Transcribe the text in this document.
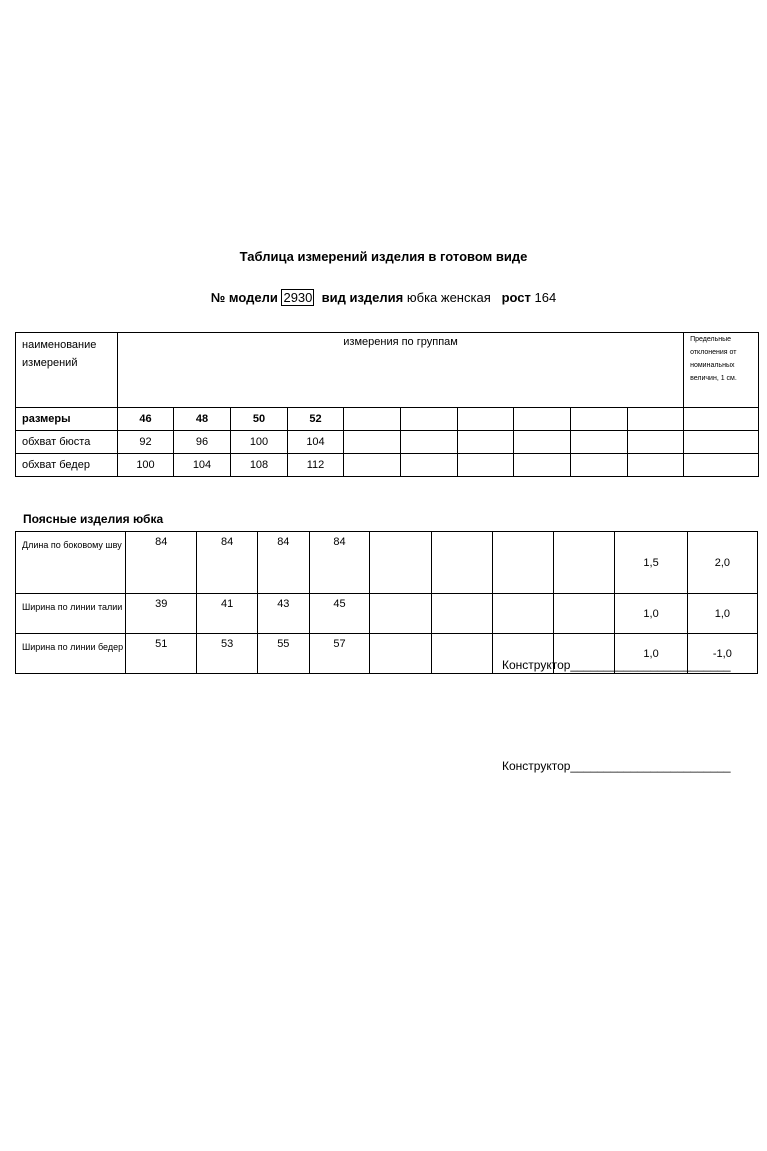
Таблица измерений изделия в готовом виде
№ модели 2930 вид изделия юбка женская рост 164
наименование измерений	измерения по группам										Предельные отклонения от номинальных величин, 1 см.

размеры	46	48	50	52							
обхват бюста	92	96	100	104							
обхват бедер	100	104	108	112							
Поясные изделия юбка
Длина по боковому шву	84	84	84	84					1,5	2,0
Ширина по линии талии	39	41	43	45					1,0	1,0
Ширина по линии бедер	51	53	55	57					1,0	-1,0
Конструктор________________________
Конструктор________________________
